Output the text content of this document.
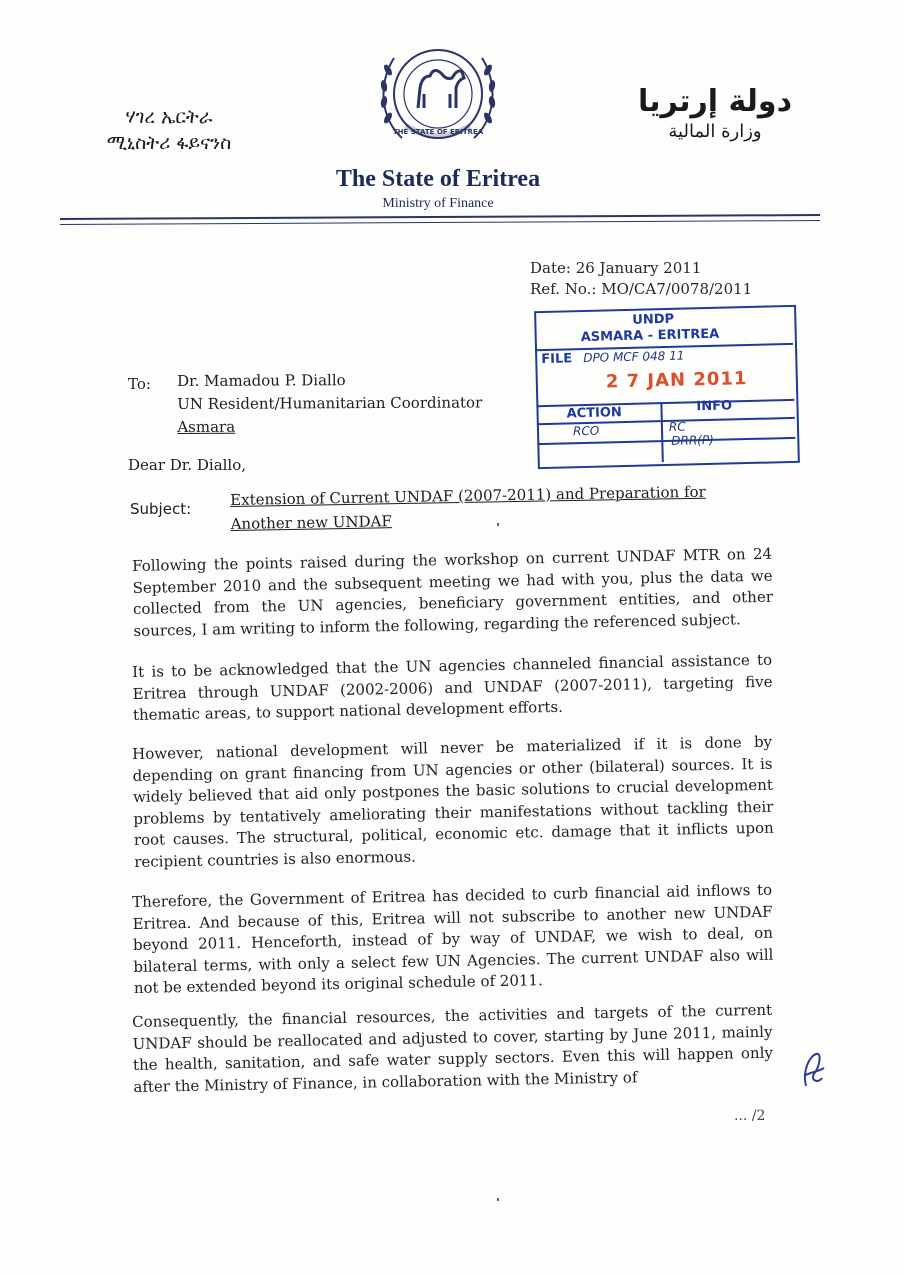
ሃገረ ኤርትራ
ሚኒስትሪ ፋይናንስ	THE STATE OF ERITREA
دولة إرتريا
وزارة المالية
The State of Eritrea
Ministry of Finance
Date: 26 January 2011
Ref. No.: MO/CA7/0078/2011
UNDP
ASMARA - ERITREA
FILE DPO MCF 048 11
2 7 JAN 2011
ACTION	INFO
RCO	RC
DRR(P)
To: Dr. Mamadou P. Diallo
UN Resident/Humanitarian Coordinator
Asmara
Dear Dr. Diallo,
Subject:
Extension of Current UNDAF (2007-2011) and Preparation for
Another new UNDAF
Following the points raised during the workshop on current UNDAF MTR on 24 September 2010 and the subsequent meeting we had with you, plus the data we collected from the UN agencies, beneficiary government entities, and other sources, I am writing to inform the following, regarding the referenced subject.
It is to be acknowledged that the UN agencies channeled financial assistance to Eritrea through UNDAF (2002-2006) and UNDAF (2007-2011), targeting five thematic areas, to support national development efforts.
However, national development will never be materialized if it is done by depending on grant financing from UN agencies or other (bilateral) sources. It is widely believed that aid only postpones the basic solutions to crucial development problems by tentatively ameliorating their manifestations without tackling their root causes. The structural, political, economic etc. damage that it inflicts upon recipient countries is also enormous.
Therefore, the Government of Eritrea has decided to curb financial aid inflows to Eritrea. And because of this, Eritrea will not subscribe to another new UNDAF beyond 2011. Henceforth, instead of by way of UNDAF, we wish to deal, on bilateral terms, with only a select few UN Agencies. The current UNDAF also will not be extended beyond its original schedule of 2011.
Consequently, the financial resources, the activities and targets of the current UNDAF should be reallocated and adjusted to cover, starting by June 2011, mainly the health, sanitation, and safe water supply sectors. Even this will happen only after the Ministry of Finance, in collaboration with the Ministry of
... /2
